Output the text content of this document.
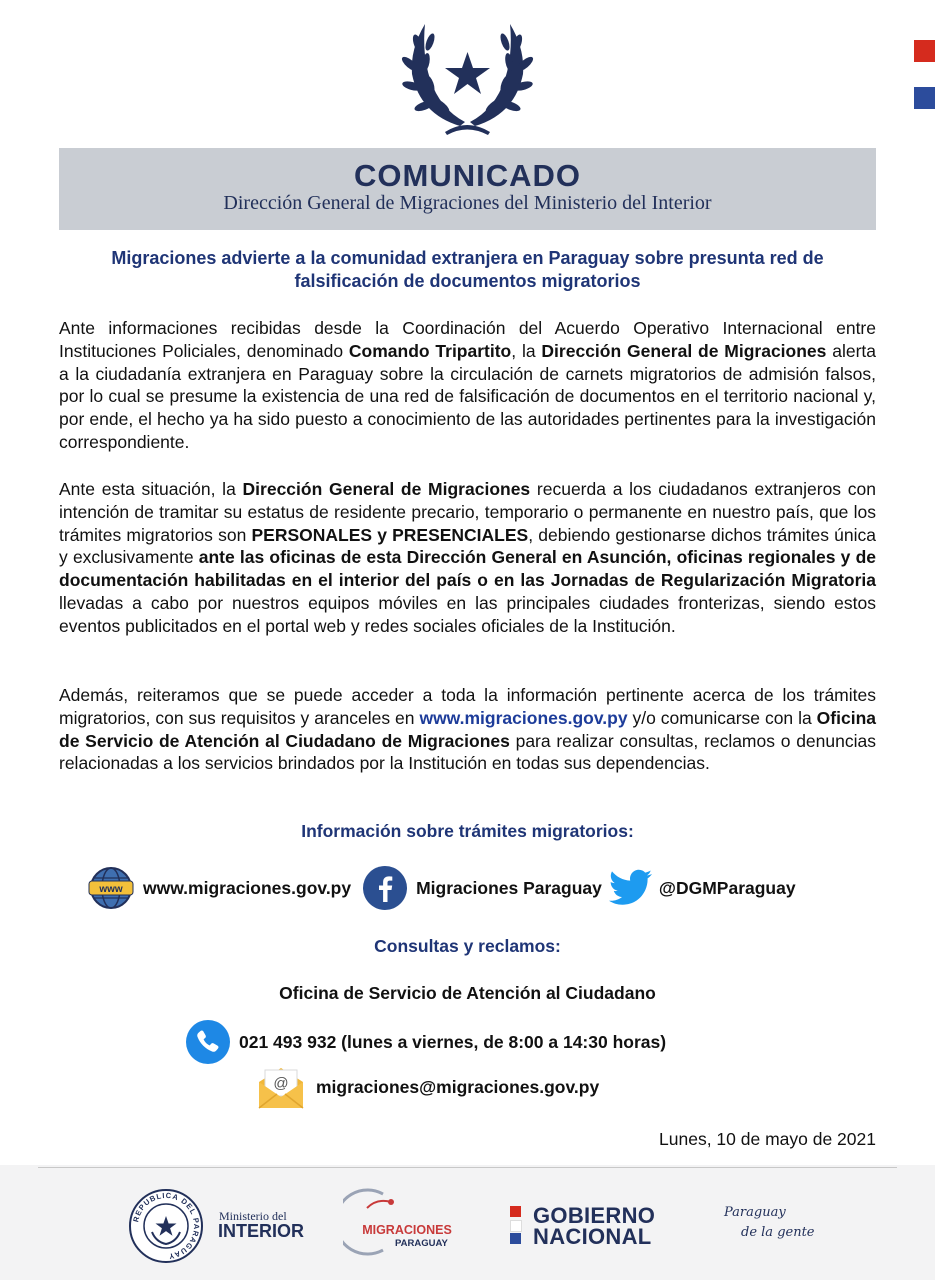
COMUNICADO
Dirección General de Migraciones del Ministerio del Interior
Migraciones advierte a la comunidad extranjera en Paraguay sobre presunta red de falsificación de documentos migratorios

Ante informaciones recibidas desde la Coordinación del Acuerdo Operativo Internacional entre Instituciones Policiales, denominado Comando Tripartito, la Dirección General de Migraciones alerta a la ciudadanía extranjera en Paraguay sobre la circulación de carnets migratorios de admisión falsos, por lo cual se presume la existencia de una red de falsificación de documentos en el territorio nacional y, por ende, el hecho ya ha sido puesto a conocimiento de las autoridades pertinentes para la investigación correspondiente.

Ante esta situación, la Dirección General de Migraciones recuerda a los ciudadanos extranjeros con intención de tramitar su estatus de residente precario, temporario o permanente en nuestro país, que los trámites migratorios son PERSONALES y PRESENCIALES, debiendo gestionarse dichos trámites única y exclusivamente ante las oficinas de esta Dirección General en Asunción, oficinas regionales y de documentación habilitadas en el interior del país o en las Jornadas de Regularización Migratoria llevadas a cabo por nuestros equipos móviles en las principales ciudades fronterizas, siendo estos eventos publicitados en el portal web y redes sociales oficiales de la Institución.

Además, reiteramos que se puede acceder a toda la información pertinente acerca de los trámites migratorios, con sus requisitos y aranceles en www.migraciones.gov.py y/o comunicarse con la Oficina de Servicio de Atención al Ciudadano de Migraciones para realizar consultas, reclamos o denuncias relacionadas a los servicios brindados por la Institución en todas sus dependencias.

Información sobre trámites migratorios:
www www.migraciones.gov.py	Migraciones Paraguay	@DGMParaguay
Consultas y reclamos:
Oficina de Servicio de Atención al Ciudadano
021 493 932 (lunes a viernes, de 8:00 a 14:30 horas)
@ migraciones@migraciones.gov.py
Lunes, 10 de mayo de 2021
REPUBLICA DEL PARAGUAY
Ministerio del
INTERIOR	MIGRACIONES
PARAGUAY
GOBIERNO
NACIONAL
Paraguay
de la gente
